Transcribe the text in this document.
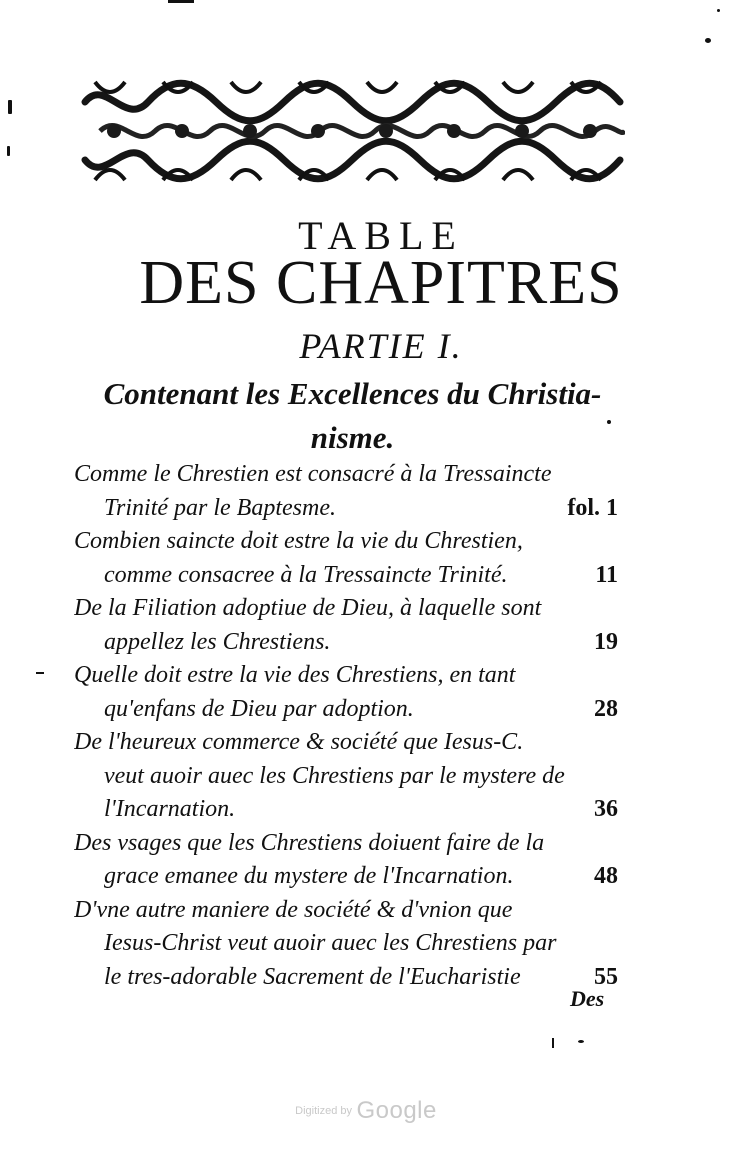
TABLE
DES CHAPITRES
PARTIE I.
Contenant les Excellences du Christia-
nisme.
Comme le Chrestien est consacré à la Tressaincte
Trinité par le Baptesme.	fol. 1
Combien saincte doit estre la vie du Chrestien,
comme consacree à la Tressaincte Trinité.	11
De la Filiation adoptiue de Dieu, à laquelle sont
appellez les Chrestiens.	19
Quelle doit estre la vie des Chrestiens, en tant
qu'enfans de Dieu par adoption.	28
De l'heureux commerce & société que Iesus-C.
veut auoir auec les Chrestiens par le mystere de
l'Incarnation.	36
Des vsages que les Chrestiens doiuent faire de la
grace emanee du mystere de l'Incarnation.	48
D'vne autre maniere de société & d'vnion que
Iesus-Christ veut auoir auec les Chrestiens par
le tres-adorable Sacrement de l'Eucharistie	55
Des
Digitized by Google
